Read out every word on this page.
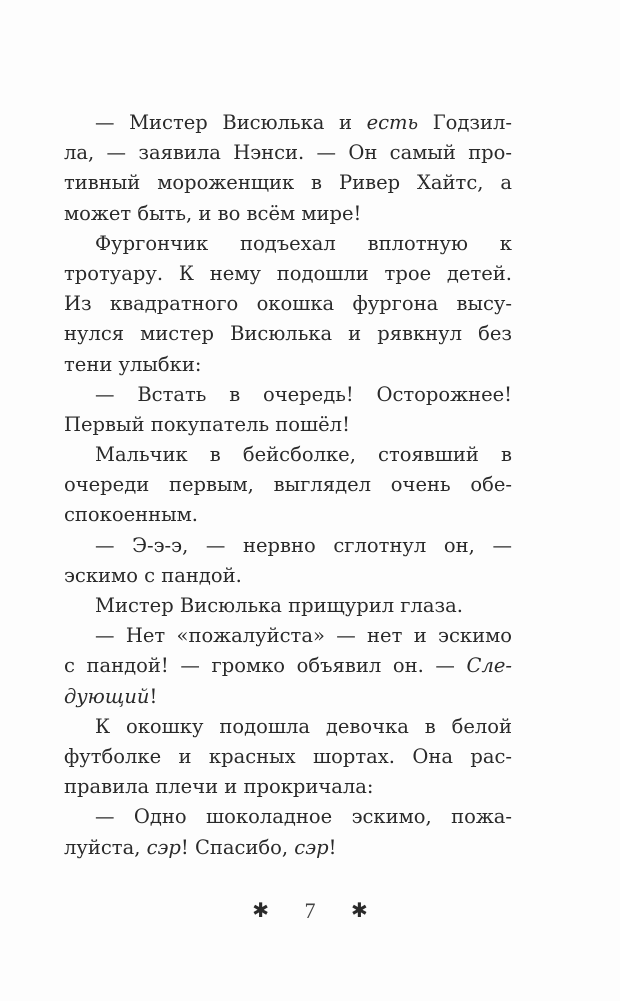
— Мистер Висюлька и есть Годзил-
ла, — заявила Нэнси. — Он самый про-
тивный мороженщик в Ривер Хайтс, а
может быть, и во всём мире!
Фургончик подъехал вплотную к
тротуару. К нему подошли трое детей.
Из квадратного окошка фургона высу-
нулся мистер Висюлька и рявкнул без
тени улыбки:
— Встать в очередь! Осторожнее!
Первый покупатель пошёл!
Мальчик в бейсболке, стоявший в
очереди первым, выглядел очень обе-
спокоенным.
— Э-э-э, — нервно сглотнул он, —
эскимо с пандой.
Мистер Висюлька прищурил глаза.
— Нет «пожалуйста» — нет и эскимо
с пандой! — громко объявил он. — Сле-
дующий!
К окошку подошла девочка в белой
футболке и красных шортах. Она рас-
правила плечи и прокричала:
— Одно шоколадное эскимо, пожа-
луйста, сэр! Спасибо, сэр!
✱ 7 ✱
